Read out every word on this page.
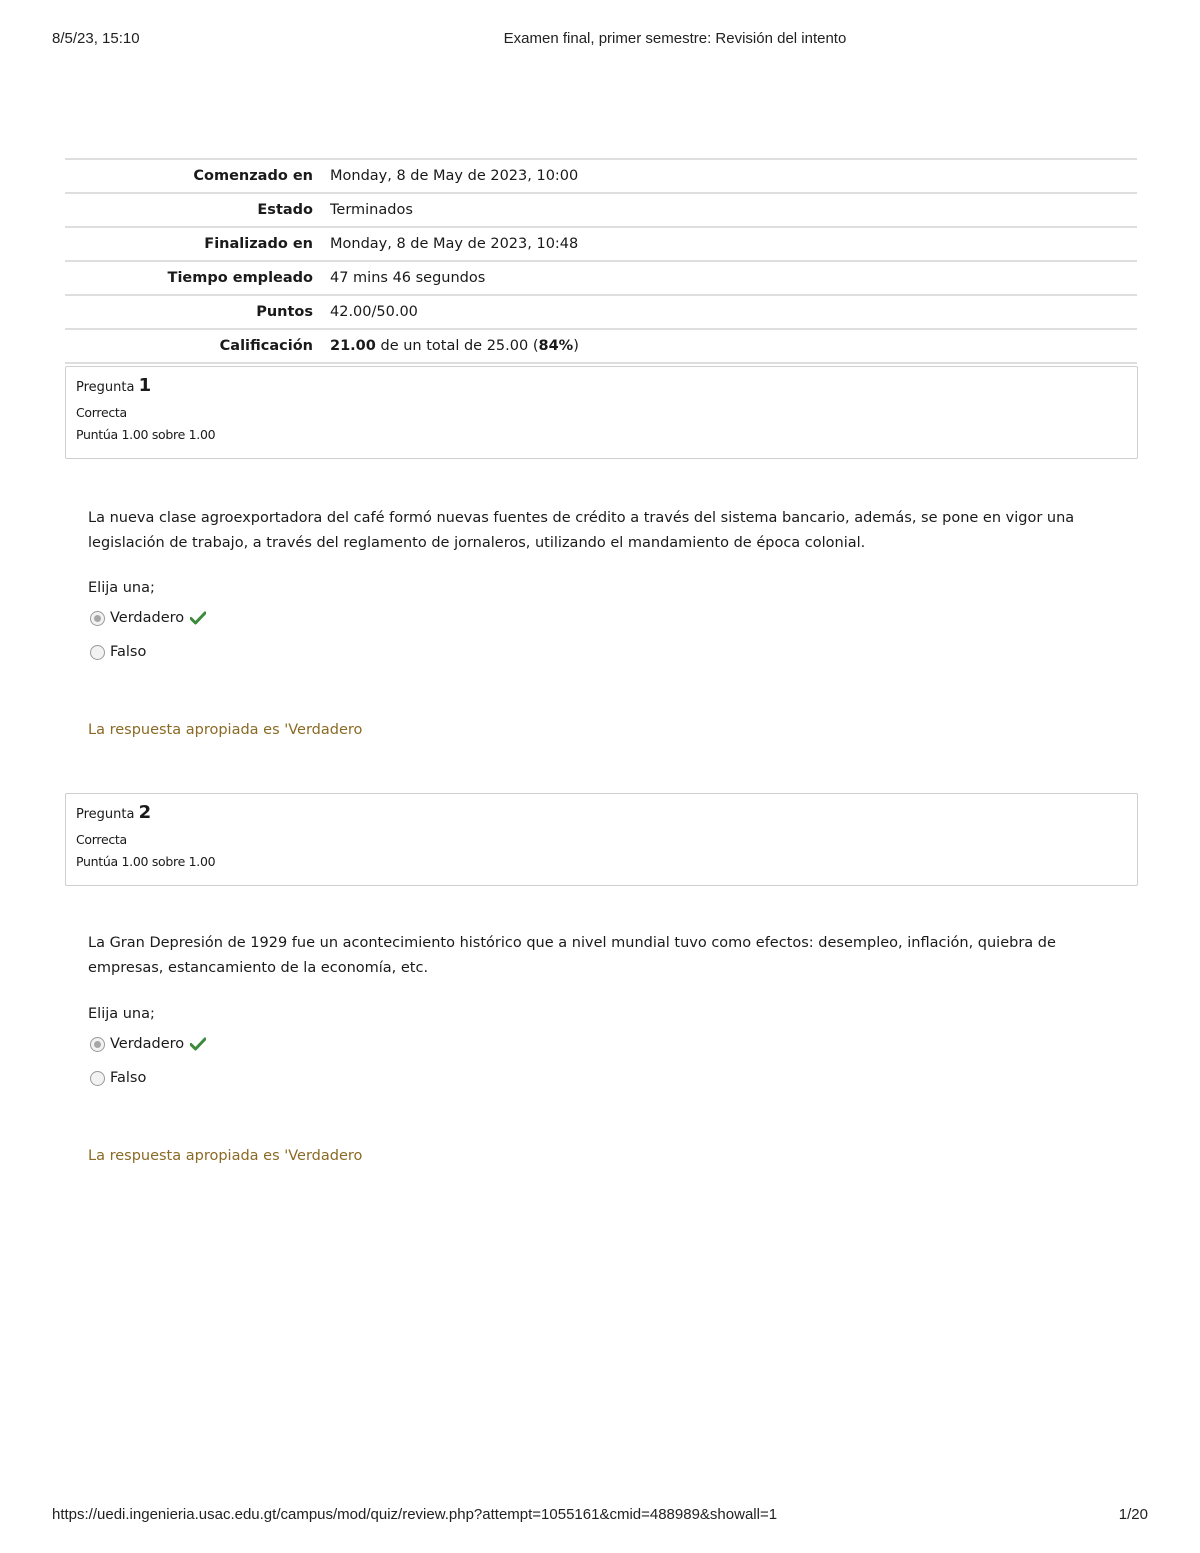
8/5/23, 15:10	Examen final, primer semestre: Revisión del intento
Comenzado en	Monday, 8 de May de 2023, 10:00
Estado	Terminados
Finalizado en	Monday, 8 de May de 2023, 10:48
Tiempo empleado	47 mins 46 segundos
Puntos	42.00/50.00
Calificación	21.00 de un total de 25.00 (84%)
Pregunta 1
Correcta
Puntúa 1.00 sobre 1.00
La nueva clase agroexportadora del café formó nuevas fuentes de crédito a través del sistema bancario, además, se pone en vigor una legislación de trabajo, a través del reglamento de jornaleros, utilizando el mandamiento de época colonial.
Elija una;
Verdadero
Falso
La respuesta apropiada es 'Verdadero
Pregunta 2
Correcta
Puntúa 1.00 sobre 1.00
La Gran Depresión de 1929 fue un acontecimiento histórico que a nivel mundial tuvo como efectos: desempleo, inflación, quiebra de empresas, estancamiento de la economía, etc.
Elija una;
Verdadero
Falso
La respuesta apropiada es 'Verdadero
https://uedi.ingenieria.usac.edu.gt/campus/mod/quiz/review.php?attempt=1055161&cmid=488989&showall=1	1/20
